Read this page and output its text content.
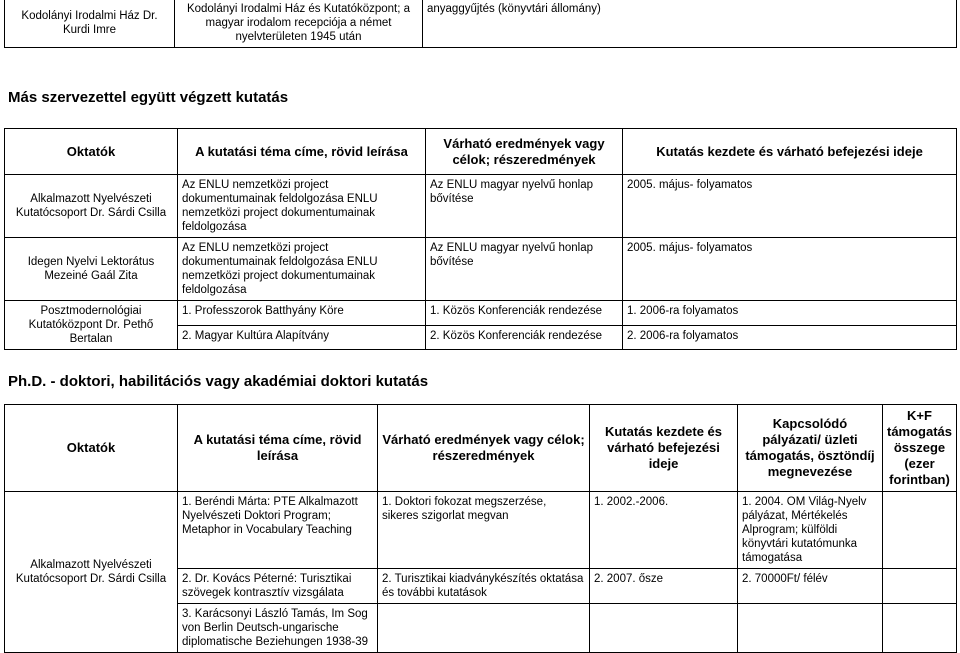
Kodolányi Irodalmi Ház Dr. Kurdi Imre	Kodolányi Irodalmi Ház és Kutatóközpont; a magyar irodalom recepciója a német nyelvterületen 1945 után	anyaggyűjtés (könyvtári állomány)
Más szervezettel együtt végzett kutatás
Oktatók	A kutatási téma címe, rövid leírása	Várható eredmények vagy célok; részeredmények	Kutatás kezdete és várható befejezési ideje
Alkalmazott Nyelvészeti Kutatócsoport Dr. Sárdi Csilla	Az ENLU nemzetközi project dokumentumainak feldolgozása ENLU nemzetközi project dokumentumainak feldolgozása	Az ENLU magyar nyelvű honlap bővítése	2005. május- folyamatos
Idegen Nyelvi Lektorátus Mezeiné Gaál Zita	Az ENLU nemzetközi project dokumentumainak feldolgozása ENLU nemzetközi project dokumentumainak feldolgozása	Az ENLU magyar nyelvű honlap bővítése	2005. május- folyamatos
Posztmodernológiai Kutatóközpont Dr. Pethő Bertalan	1. Professzorok Batthyány Köre	1. Közös Konferenciák rendezése	1. 2006-ra folyamatos
	2. Magyar Kultúra Alapítvány	2. Közös Konferenciák rendezése	2. 2006-ra folyamatos
Ph.D. - doktori, habilitációs vagy akadémiai doktori kutatás
Oktatók	A kutatási téma címe, rövid leírása	Várható eredmények vagy célok; részeredmények	Kutatás kezdete és várható befejezési ideje	Kapcsolódó pályázati/ üzleti támogatás, ösztöndíj megnevezése	K+F támogatás összege (ezer forintban)
Alkalmazott Nyelvészeti Kutatócsoport Dr. Sárdi Csilla	1. Beréndi Márta: PTE Alkalmazott Nyelvészeti Doktori Program; Metaphor in Vocabulary Teaching	1. Doktori fokozat megszerzése, sikeres szigorlat megvan	1. 2002.-2006.	1. 2004. OM Világ-Nyelv pályázat, Mértékelés Alprogram; külföldi könyvtári kutatómunka támogatása	
	2. Dr. Kovács Péterné: Turisztikai szövegek kontrasztív vizsgálata	2. Turisztikai kiadványkészítés oktatása és további kutatások	2. 2007. ősze	2. 70000Ft/ félév	
	3. Karácsonyi László Tamás, Im Sog von Berlin Deutsch-ungarische diplomatische Beziehungen 1938-39				
